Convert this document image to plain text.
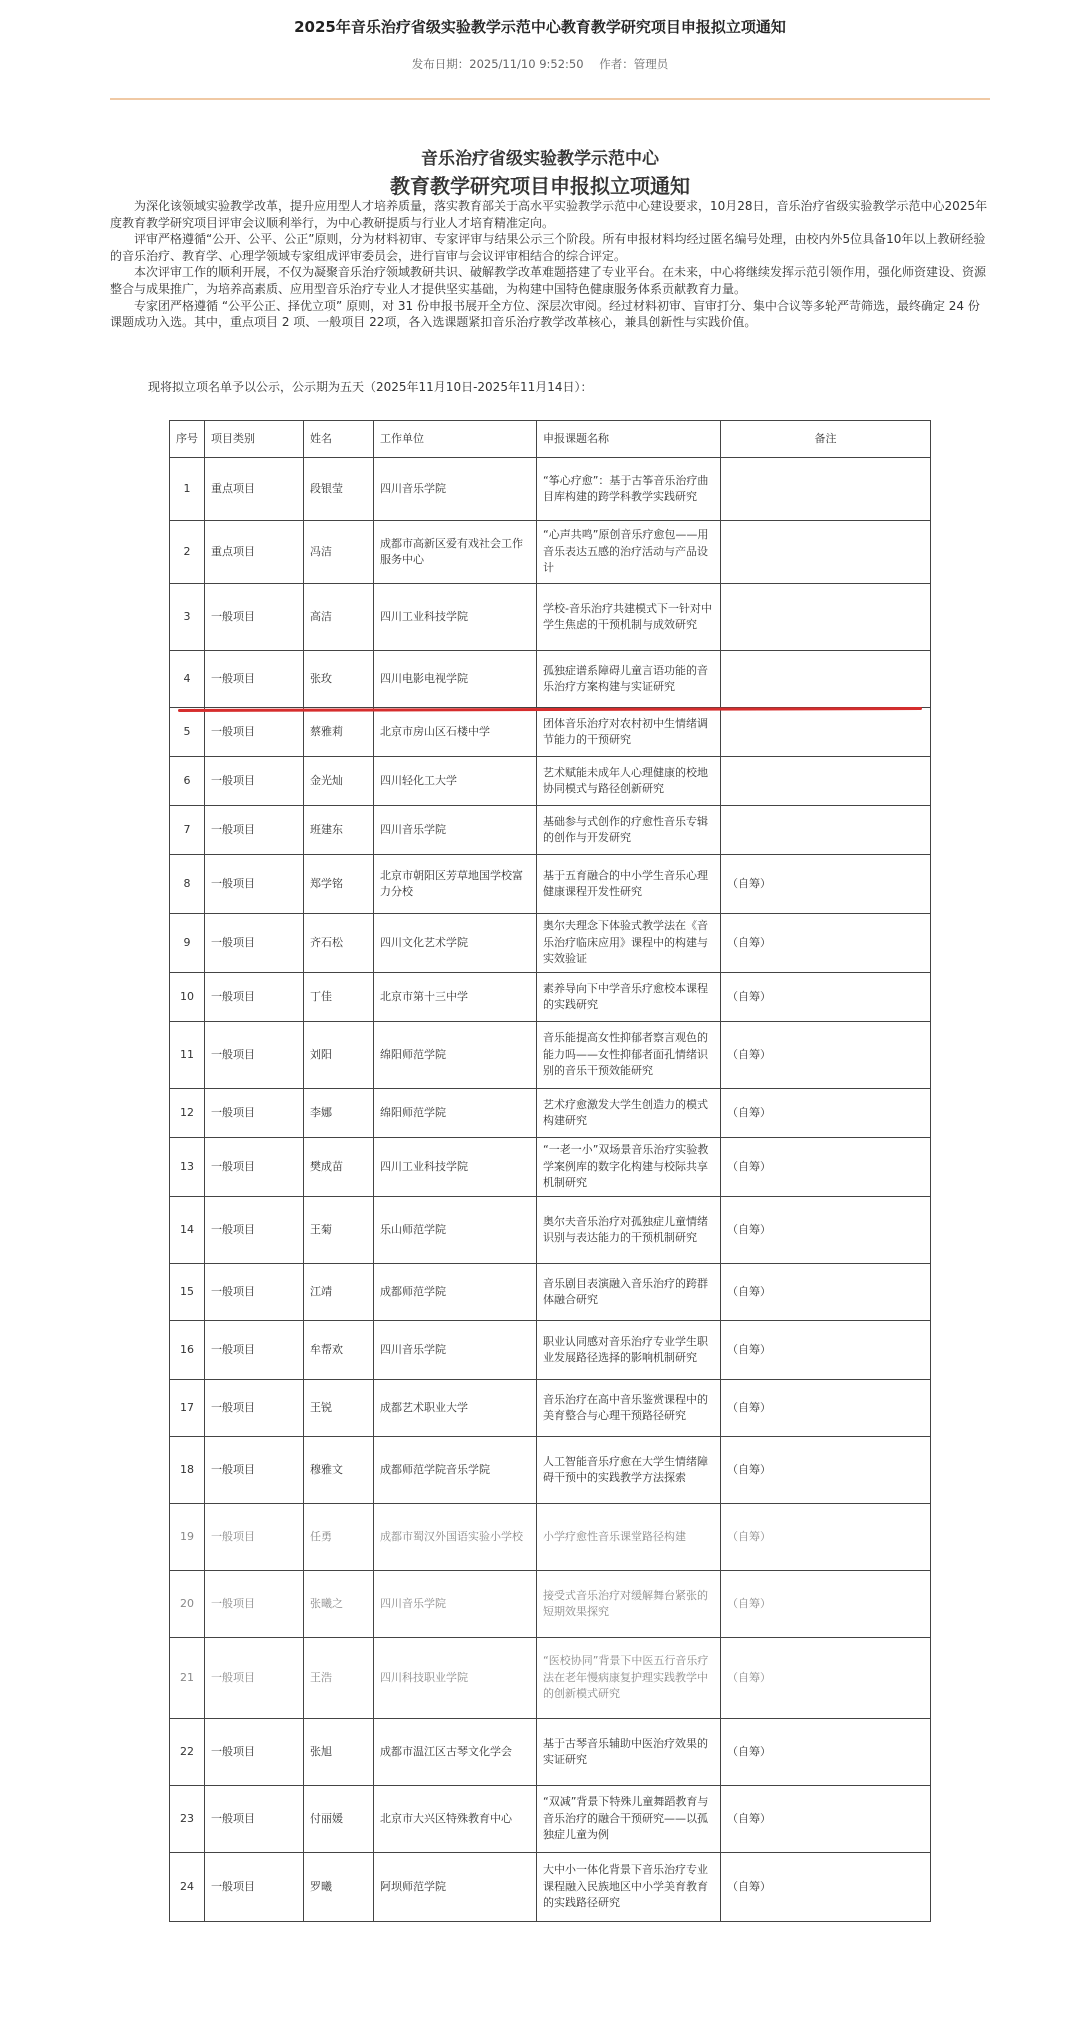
2025年音乐治疗省级实验教学示范中心教育教学研究项目申报拟立项通知
发布日期：2025/11/10 9:52:50 作者：管理员
音乐治疗省级实验教学示范中心
教育教学研究项目申报拟立项通知

为深化该领域实验教学改革，提升应用型人才培养质量，落实教育部关于高水平实验教学示范中心建设要求，10月28日，音乐治疗省级实验教学示范中心2025年度教育教学研究项目评审会议顺利举行，为中心教研提质与行业人才培育精准定向。

评审严格遵循“公开、公平、公正”原则，分为材料初审、专家评审与结果公示三个阶段。所有申报材料均经过匿名编号处理，由校内外5位具备10年以上教研经验的音乐治疗、教育学、心理学领域专家组成评审委员会，进行盲审与会议评审相结合的综合评定。

本次评审工作的顺利开展，不仅为凝聚音乐治疗领域教研共识、破解教学改革难题搭建了专业平台。在未来，中心将继续发挥示范引领作用，强化师资建设、资源整合与成果推广，为培养高素质、应用型音乐治疗专业人才提供坚实基础，为构建中国特色健康服务体系贡献教育力量。

专家团严格遵循 “公平公正、择优立项” 原则，对 31 份申报书展开全方位、深层次审阅。经过材料初审、盲审打分、集中合议等多轮严苛筛选，最终确定 24 份课题成功入选。其中，重点项目 2 项、一般项目 22项，各入选课题紧扣音乐治疗教学改革核心，兼具创新性与实践价值。

现将拟立项名单予以公示，公示期为五天（2025年11月10日-2025年11月14日）：
序号	项目类别	姓名	工作单位	申报课题名称	备注
1	重点项目	段银莹	四川音乐学院	“筝心疗愈”：基于古筝音乐治疗曲目库构建的跨学科教学实践研究	
2	重点项目	冯洁	成都市高新区爱有戏社会工作服务中心	“心声共鸣”原创音乐疗愈包——用音乐表达五感的治疗活动与产品设计	
3	一般项目	高洁	四川工业科技学院	学校-音乐治疗共建模式下一针对中学生焦虑的干预机制与成效研究	
4	一般项目	张玫	四川电影电视学院	孤独症谱系障碍儿童言语功能的音乐治疗方案构建与实证研究	
5	一般项目	蔡雅莉	北京市房山区石楼中学	团体音乐治疗对农村初中生情绪调节能力的干预研究	
6	一般项目	金光灿	四川轻化工大学	艺术赋能未成年人心理健康的校地协同模式与路径创新研究	
7	一般项目	班建东	四川音乐学院	基础参与式创作的疗愈性音乐专辑的创作与开发研究	
8	一般项目	郑学铭	北京市朝阳区芳草地国学校富力分校	基于五育融合的中小学生音乐心理健康课程开发性研究	（自筹）
9	一般项目	齐石松	四川文化艺术学院	奥尔夫理念下体验式教学法在《音乐治疗临床应用》课程中的构建与实效验证	（自筹）
10	一般项目	丁佳	北京市第十三中学	素养导向下中学音乐疗愈校本课程的实践研究	（自筹）
11	一般项目	刘阳	绵阳师范学院	音乐能提高女性抑郁者察言观色的能力吗——女性抑郁者面孔情绪识别的音乐干预效能研究	（自筹）
12	一般项目	李娜	绵阳师范学院	艺术疗愈激发大学生创造力的模式构建研究	（自筹）
13	一般项目	樊成苗	四川工业科技学院	“一老一小”双场景音乐治疗实验教学案例库的数字化构建与校际共享机制研究	（自筹）
14	一般项目	王菊	乐山师范学院	奥尔夫音乐治疗对孤独症儿童情绪识别与表达能力的干预机制研究	（自筹）
15	一般项目	江靖	成都师范学院	音乐剧目表演融入音乐治疗的跨群体融合研究	（自筹）
16	一般项目	牟帮欢	四川音乐学院	职业认同感对音乐治疗专业学生职业发展路径选择的影响机制研究	（自筹）
17	一般项目	王锐	成都艺术职业大学	音乐治疗在高中音乐鉴赏课程中的美育整合与心理干预路径研究	（自筹）
18	一般项目	穆雅文	成都师范学院音乐学院	人工智能音乐疗愈在大学生情绪障碍干预中的实践教学方法探索	（自筹）
19	一般项目	任勇	成都市蜀汉外国语实验小学校	小学疗愈性音乐课堂路径构建	（自筹）
20	一般项目	张曦之	四川音乐学院	接受式音乐治疗对缓解舞台紧张的短期效果探究	（自筹）
21	一般项目	王浩	四川科技职业学院	“医校协同”背景下中医五行音乐疗法在老年慢病康复护理实践教学中的创新模式研究	（自筹）
22	一般项目	张旭	成都市温江区古琴文化学会	基于古琴音乐辅助中医治疗效果的实证研究	（自筹）
23	一般项目	付丽媛	北京市大兴区特殊教育中心	“双减”背景下特殊儿童舞蹈教育与音乐治疗的融合干预研究——以孤独症儿童为例	（自筹）
24	一般项目	罗曦	阿坝师范学院	大中小一体化背景下音乐治疗专业课程融入民族地区中小学美育教育的实践路径研究	（自筹）
